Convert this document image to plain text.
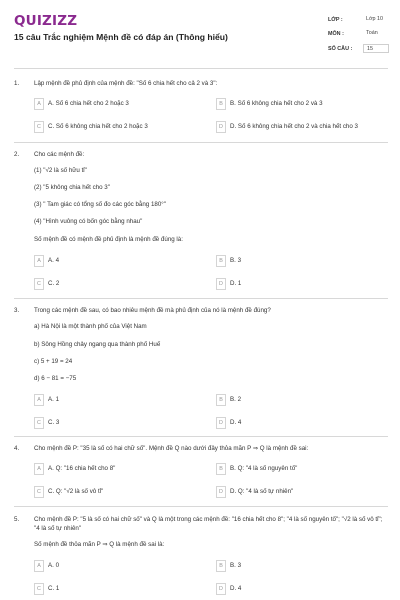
QUIZIZZ
15 câu Trắc nghiệm Mệnh đề có đáp án (Thông hiểu)
LỚP :	Lớp 10
MÔN :	Toán
SỐ CÂU :	15
1. Lập mệnh đề phủ định của mệnh đề: "Số 6 chia hết cho cả 2 và 3":
A	A. Số 6 chia hết cho 2 hoặc 3	B	B. Số 6 không chia hết cho 2 và 3
C	C. Số 6 không chia hết cho 2 hoặc 3	D	D. Số 6 không chia hết cho 2 và chia hết cho 3
2. Cho các mệnh đề:
(1) "√2 là số hữu tỉ"
(2) "5 không chia hết cho 3"
(3) " Tam giác có tổng số đo các góc bằng 180°"
(4) "Hình vuông có bốn góc bằng nhau"
Số mệnh đề có mệnh đề phủ định là mệnh đề đúng là:
A	A. 4	B	B. 3
C	C. 2	D	D. 1
3. Trong các mệnh đề sau, có bao nhiêu mệnh đề mà phủ định của nó là mệnh đề đúng?
a) Hà Nội là một thành phố của Việt Nam
b) Sông Hồng chảy ngang qua thành phố Huế
c) 5 + 19 = 24
d) 6 − 81 = −75
A	A. 1	B	B. 2
C	C. 3	D	D. 4
4. Cho mệnh đề P: "35 là số có hai chữ số". Mệnh đề Q nào dưới đây thỏa mãn P ⇒ Q là mệnh đề sai:
A	A. Q: "16 chia hết cho 8"	B	B. Q: "4 là số nguyên tố"
C	C. Q: "√2 là số vô tỉ"	D	D. Q: "4 là số tự nhiên"
5. Cho mệnh đề P: "5 là số có hai chữ số" và Q là một trong các mệnh đề: "16 chia hết cho 8"; "4 là số nguyên tố"; "√2 là số vô tỉ"; "4 là số tự nhiên"
Số mệnh đề thỏa mãn P ⇒ Q là mệnh đề sai là:
A	A. 0	B	B. 3
C	C. 1	D	D. 4
